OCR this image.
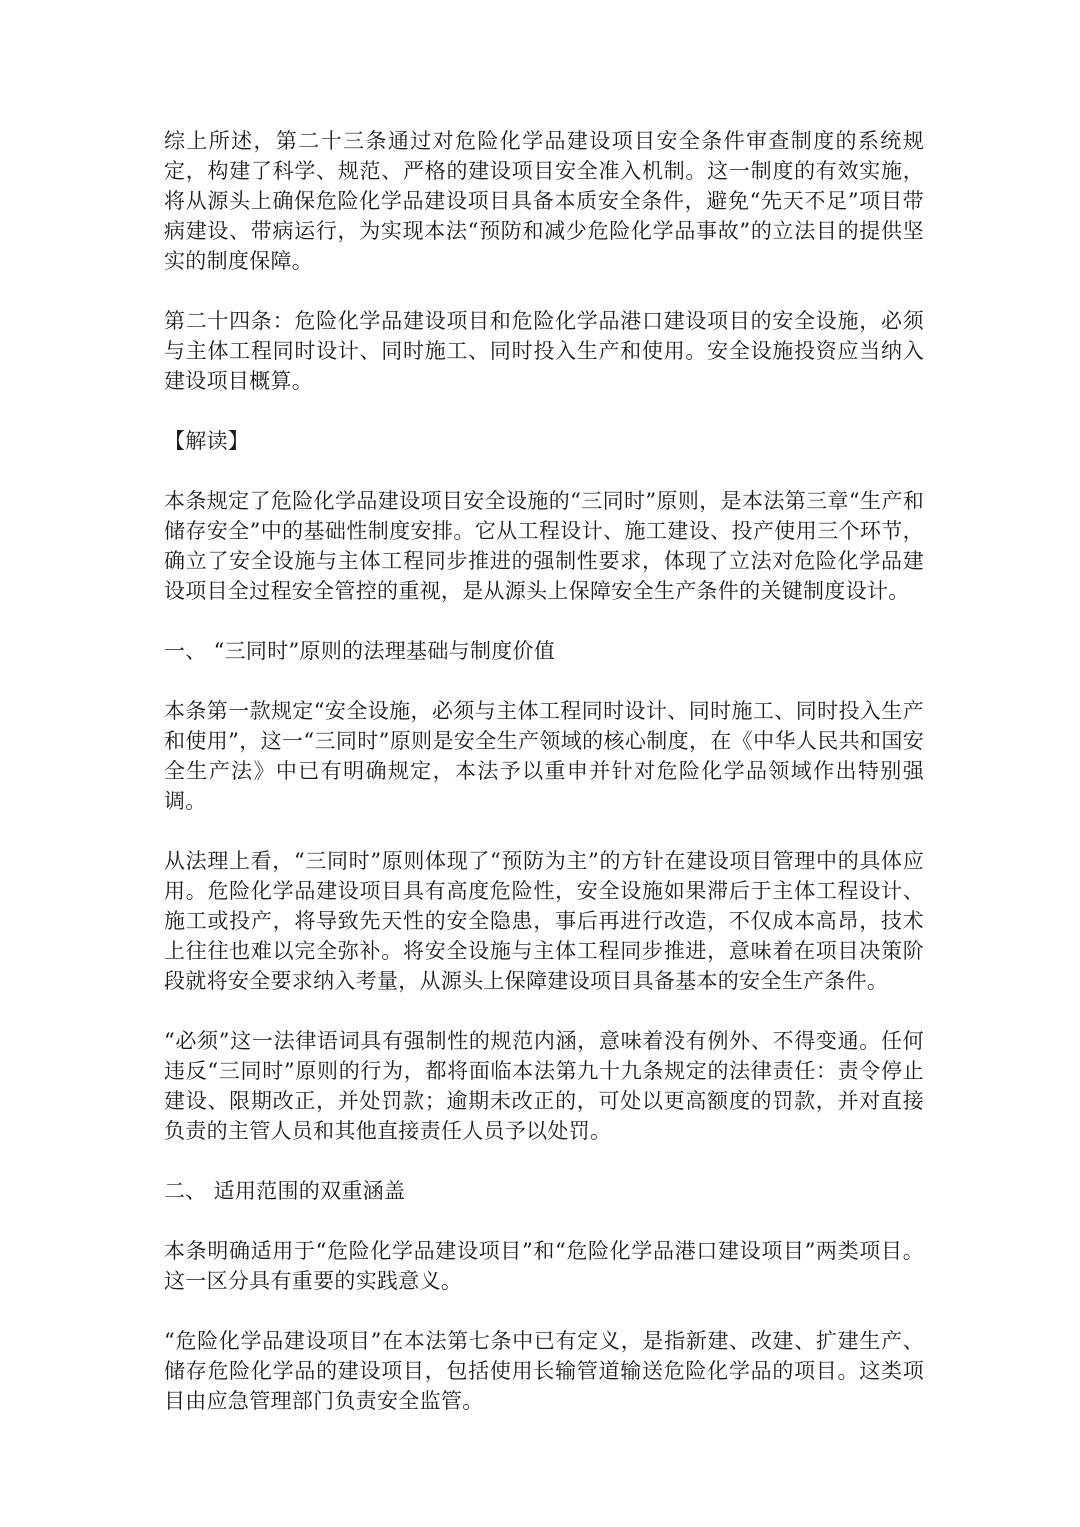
综上所述，第二十三条通过对危险化学品建设项目安全条件审查制度的系统规定，构建了科学、规范、严格的建设项目安全准入机制。这一制度的有效实施，将从源头上确保危险化学品建设项目具备本质安全条件，避免“先天不足”项目带病建设、带病运行，为实现本法“预防和减少危险化学品事故”的立法目的提供坚实的制度保障。

第二十四条：危险化学品建设项目和危险化学品港口建设项目的安全设施，必须与主体工程同时设计、同时施工、同时投入生产和使用。安全设施投资应当纳入建设项目概算。

【解读】

本条规定了危险化学品建设项目安全设施的“三同时”原则，是本法第三章“生产和储存安全”中的基础性制度安排。它从工程设计、施工建设、投产使用三个环节，确立了安全设施与主体工程同步推进的强制性要求，体现了立法对危险化学品建设项目全过程安全管控的重视，是从源头上保障安全生产条件的关键制度设计。

一、 “三同时”原则的法理基础与制度价值

本条第一款规定“安全设施，必须与主体工程同时设计、同时施工、同时投入生产和使用”，这一“三同时”原则是安全生产领域的核心制度，在《中华人民共和国安全生产法》中已有明确规定，本法予以重申并针对危险化学品领域作出特别强调。

从法理上看，“三同时”原则体现了“预防为主”的方针在建设项目管理中的具体应用。危险化学品建设项目具有高度危险性，安全设施如果滞后于主体工程设计、施工或投产，将导致先天性的安全隐患，事后再进行改造，不仅成本高昂，技术上往往也难以完全弥补。将安全设施与主体工程同步推进，意味着在项目决策阶段就将安全要求纳入考量，从源头上保障建设项目具备基本的安全生产条件。

“必须”这一法律语词具有强制性的规范内涵，意味着没有例外、不得变通。任何违反“三同时”原则的行为，都将面临本法第九十九条规定的法律责任：责令停止建设、限期改正，并处罚款；逾期未改正的，可处以更高额度的罚款，并对直接负责的主管人员和其他直接责任人员予以处罚。

二、 适用范围的双重涵盖

本条明确适用于“危险化学品建设项目”和“危险化学品港口建设项目”两类项目。这一区分具有重要的实践意义。

“危险化学品建设项目”在本法第七条中已有定义，是指新建、改建、扩建生产、储存危险化学品的建设项目，包括使用长输管道输送危险化学品的项目。这类项目由应急管理部门负责安全监管。
